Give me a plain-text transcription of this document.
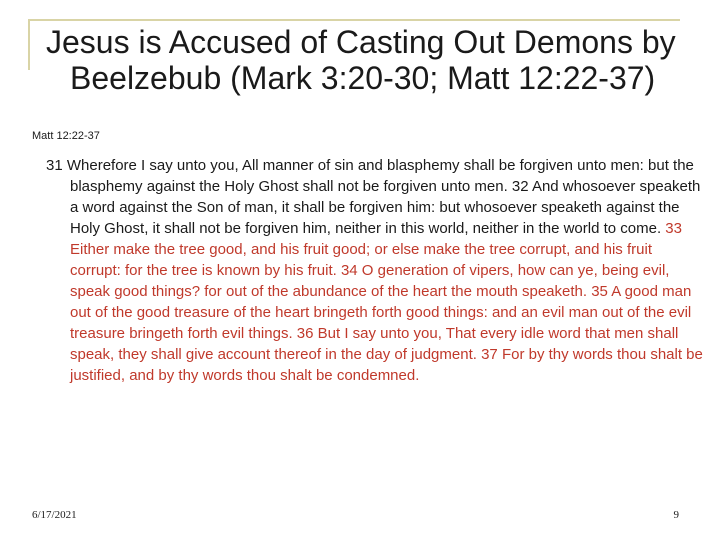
Jesus is Accused of Casting Out Demons by Beelzebub (Mark 3:20-30; Matt 12:22-37)
Matt 12:22-37
31 Wherefore I say unto you, All manner of sin and blasphemy shall be forgiven unto men: but the blasphemy against the Holy Ghost shall not be forgiven unto men. 32 And whosoever speaketh a word against the Son of man, it shall be forgiven him: but whosoever speaketh against the Holy Ghost, it shall not be forgiven him, neither in this world, neither in the world to come. 33 Either make the tree good, and his fruit good; or else make the tree corrupt, and his fruit corrupt: for the tree is known by his fruit. 34 O generation of vipers, how can ye, being evil, speak good things? for out of the abundance of the heart the mouth speaketh. 35 A good man out of the good treasure of the heart bringeth forth good things: and an evil man out of the evil treasure bringeth forth evil things. 36 But I say unto you, That every idle word that men shall speak, they shall give account thereof in the day of judgment. 37 For by thy words thou shalt be justified, and by thy words thou shalt be condemned.
6/17/2021	9
